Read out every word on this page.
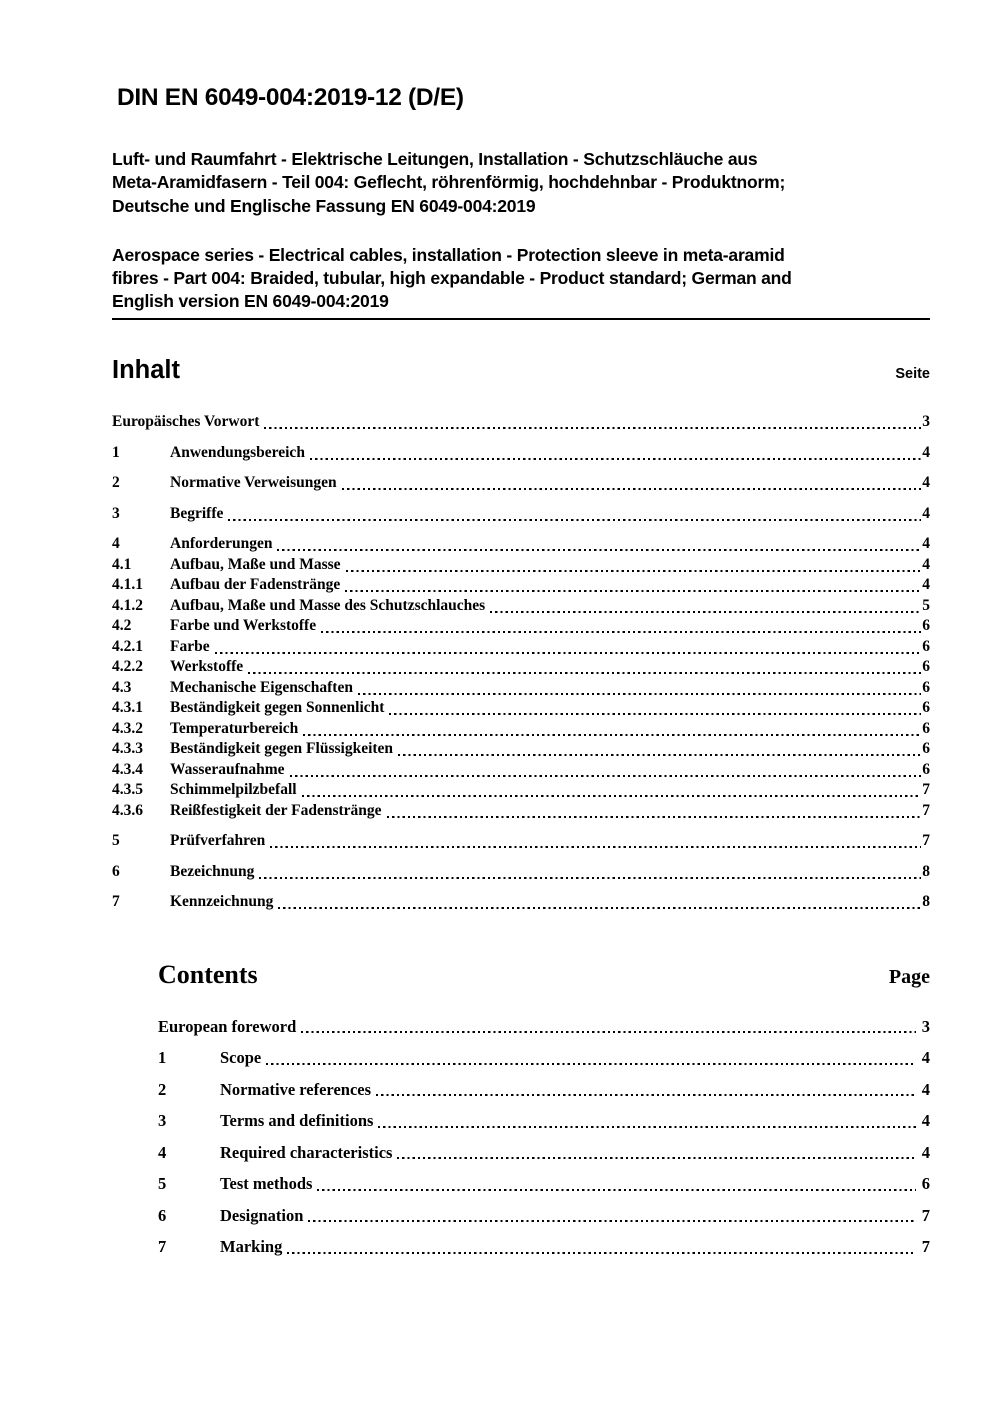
DIN EN 6049-004:2019-12 (D/E)

Luft- und Raumfahrt - Elektrische Leitungen, Installation - Schutzschläuche aus
Meta-Aramidfasern - Teil 004: Geflecht, röhrenförmig, hochdehnbar - Produktnorm;
Deutsche und Englische Fassung EN 6049-004:2019

Aerospace series - Electrical cables, installation - Protection sleeve in meta-aramid
fibres - Part 004: Braided, tubular, high expandable - Product standard; German and
English version EN 6049-004:2019

Inhalt	Seite
Europäisches Vorwort	3
1	Anwendungsbereich	4
2	Normative Verweisungen	4
3	Begriffe	4
4	Anforderungen	4
4.1	Aufbau, Maße und Masse	4
4.1.1	Aufbau der Fadenstränge	4
4.1.2	Aufbau, Maße und Masse des Schutzschlauches	5
4.2	Farbe und Werkstoffe	6
4.2.1	Farbe	6
4.2.2	Werkstoffe	6
4.3	Mechanische Eigenschaften	6
4.3.1	Beständigkeit gegen Sonnenlicht	6
4.3.2	Temperaturbereich	6
4.3.3	Beständigkeit gegen Flüssigkeiten	6
4.3.4	Wasseraufnahme	6
4.3.5	Schimmelpilzbefall	7
4.3.6	Reißfestigkeit der Fadenstränge	7
5	Prüfverfahren	7
6	Bezeichnung	8
7	Kennzeichnung	8
Contents	Page
European foreword	3
1	Scope	4
2	Normative references	4
3	Terms and definitions	4
4	Required characteristics	4
5	Test methods	6
6	Designation	7
7	Marking	7
